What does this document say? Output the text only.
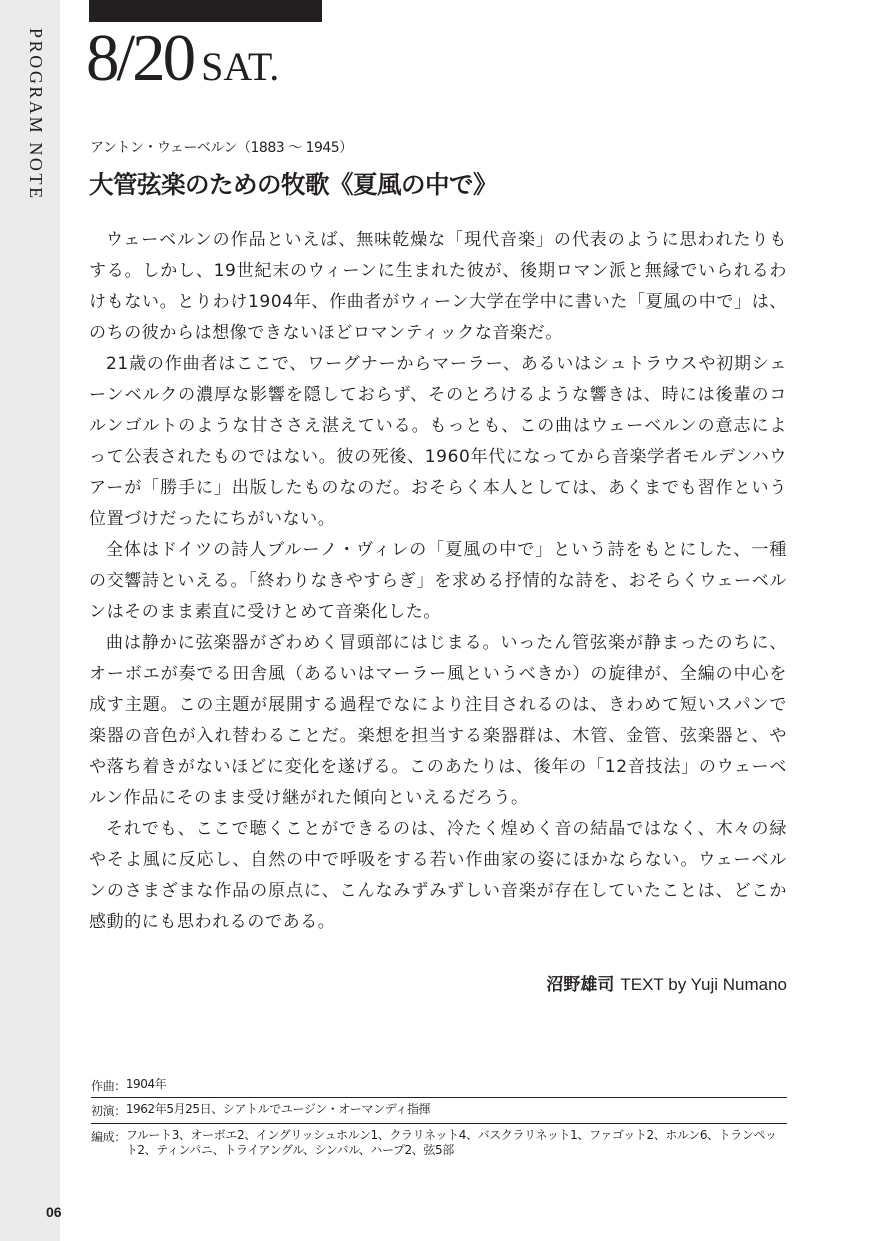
PROGRAM NOTE
06
8/20 SAT.
アントン・ウェーベルン（1883 ～ 1945）
大管弦楽のための牧歌《夏風の中で》

ウェーベルンの作品といえば、無味乾燥な「現代音楽」の代表のように思われたりもする。しかし、19世紀末のウィーンに生まれた彼が、後期ロマン派と無縁でいられるわけもない。とりわけ1904年、作曲者がウィーン大学在学中に書いた「夏風の中で」は、のちの彼からは想像できないほどロマンティックな音楽だ。

21歳の作曲者はここで、ワーグナーからマーラー、あるいはシュトラウスや初期シェーンベルクの濃厚な影響を隠しておらず、そのとろけるような響きは、時には後輩のコルンゴルトのような甘ささえ湛えている。もっとも、この曲はウェーベルンの意志によって公表されたものではない。彼の死後、1960年代になってから音楽学者モルデンハウアーが「勝手に」出版したものなのだ。おそらく本人としては、あくまでも習作という位置づけだったにちがいない。

全体はドイツの詩人ブルーノ・ヴィレの「夏風の中で」という詩をもとにした、一種の交響詩といえる。「終わりなきやすらぎ」を求める抒情的な詩を、おそらくウェーベルンはそのまま素直に受けとめて音楽化した。

曲は静かに弦楽器がざわめく冒頭部にはじまる。いったん管弦楽が静まったのちに、オーボエが奏でる田舎風（あるいはマーラー風というべきか）の旋律が、全編の中心を成す主題。この主題が展開する過程でなにより注目されるのは、きわめて短いスパンで楽器の音色が入れ替わることだ。楽想を担当する楽器群は、木管、金管、弦楽器と、やや落ち着きがないほどに変化を遂げる。このあたりは、後年の「12音技法」のウェーベルン作品にそのまま受け継がれた傾向といえるだろう。

それでも、ここで聴くことができるのは、冷たく煌めく音の結晶ではなく、木々の緑やそよ風に反応し、自然の中で呼吸をする若い作曲家の姿にほかならない。ウェーベルンのさまざまな作品の原点に、こんなみずみずしい音楽が存在していたことは、どこか感動的にも思われるのである。

沼野雄司 TEXT by Yuji Numano
作曲： 1904年
初演： 1962年5月25日、シアトルでユージン・オーマンディ指揮
編成： フルート3、オーボエ2、イングリッシュホルン1、クラリネット4、バスクラリネット1、ファゴット2、ホルン6、トランペット2、ティンパニ、トライアングル、シンバル、ハープ2、弦5部
